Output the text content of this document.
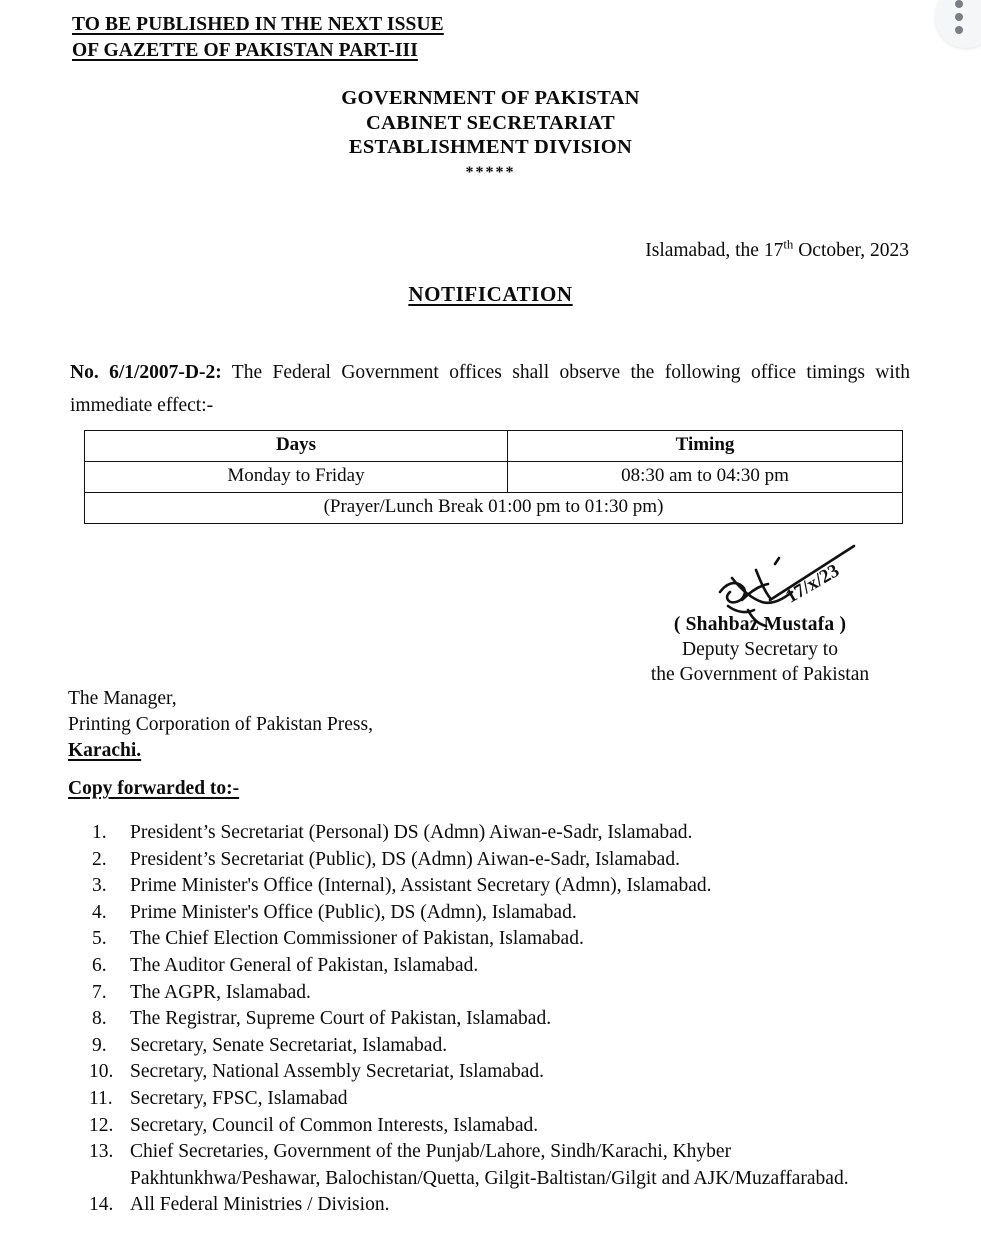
TO BE PUBLISHED IN THE NEXT ISSUE
OF GAZETTE OF PAKISTAN PART-III
GOVERNMENT OF PAKISTAN
CABINET SECRETARIAT
ESTABLISHMENT DIVISION
*****
Islamabad, the 17th October, 2023
NOTIFICATION

No. 6/1/2007-D-2: The Federal Government offices shall observe the following office timings with immediate effect:-

Days	Timing
Monday to Friday	08:30 am to 04:30 pm
(Prayer/Lunch Break 01:00 pm to 01:30 pm)	
17/x/23
( Shahbaz Mustafa )
Deputy Secretary to
the Government of Pakistan
The Manager,
Printing Corporation of Pakistan Press,
Karachi.
Copy forwarded to:-
1.	President’s Secretariat (Personal) DS (Admn) Aiwan-e-Sadr, Islamabad.
2.	President’s Secretariat (Public), DS (Admn) Aiwan-e-Sadr, Islamabad.
3.	Prime Minister's Office (Internal), Assistant Secretary (Admn), Islamabad.
4.	Prime Minister's Office (Public), DS (Admn), Islamabad.
5.	The Chief Election Commissioner of Pakistan, Islamabad.
6.	The Auditor General of Pakistan, Islamabad.
7.	The AGPR, Islamabad.
8.	The Registrar, Supreme Court of Pakistan, Islamabad.
9.	Secretary, Senate Secretariat, Islamabad.
10. Secretary, National Assembly Secretariat, Islamabad.
11. Secretary, FPSC, Islamabad
12. Secretary, Council of Common Interests, Islamabad.
13. Chief Secretaries, Government of the Punjab/Lahore, Sindh/Karachi, Khyber Pakhtunkhwa/Peshawar, Balochistan/Quetta, Gilgit-Baltistan/Gilgit and AJK/Muzaffarabad.
14. All Federal Ministries / Division.
